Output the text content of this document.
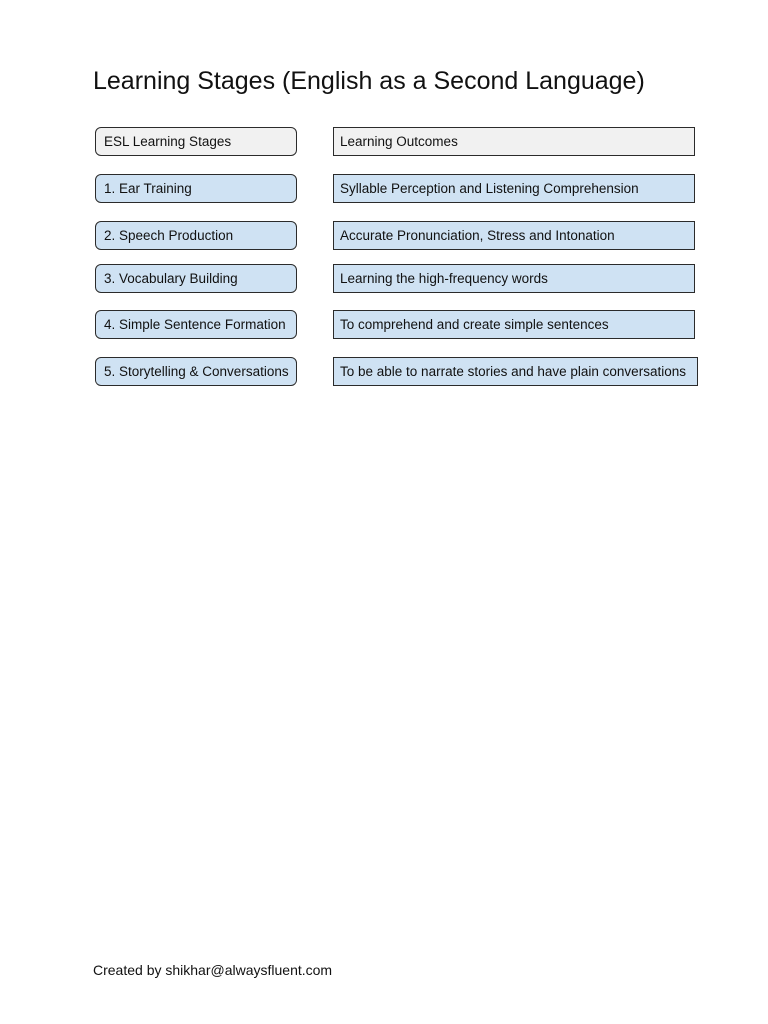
Learning Stages (English as a Second Language)
ESL Learning Stages	Learning Outcomes
1. Ear Training	Syllable Perception and Listening Comprehension
2. Speech Production	Accurate Pronunciation, Stress and Intonation
3. Vocabulary Building	Learning the high-frequency words
4. Simple Sentence Formation	To comprehend and create simple sentences
5. Storytelling & Conversations	To be able to narrate stories and have plain conversations
Created by shikhar@alwaysfluent.com
